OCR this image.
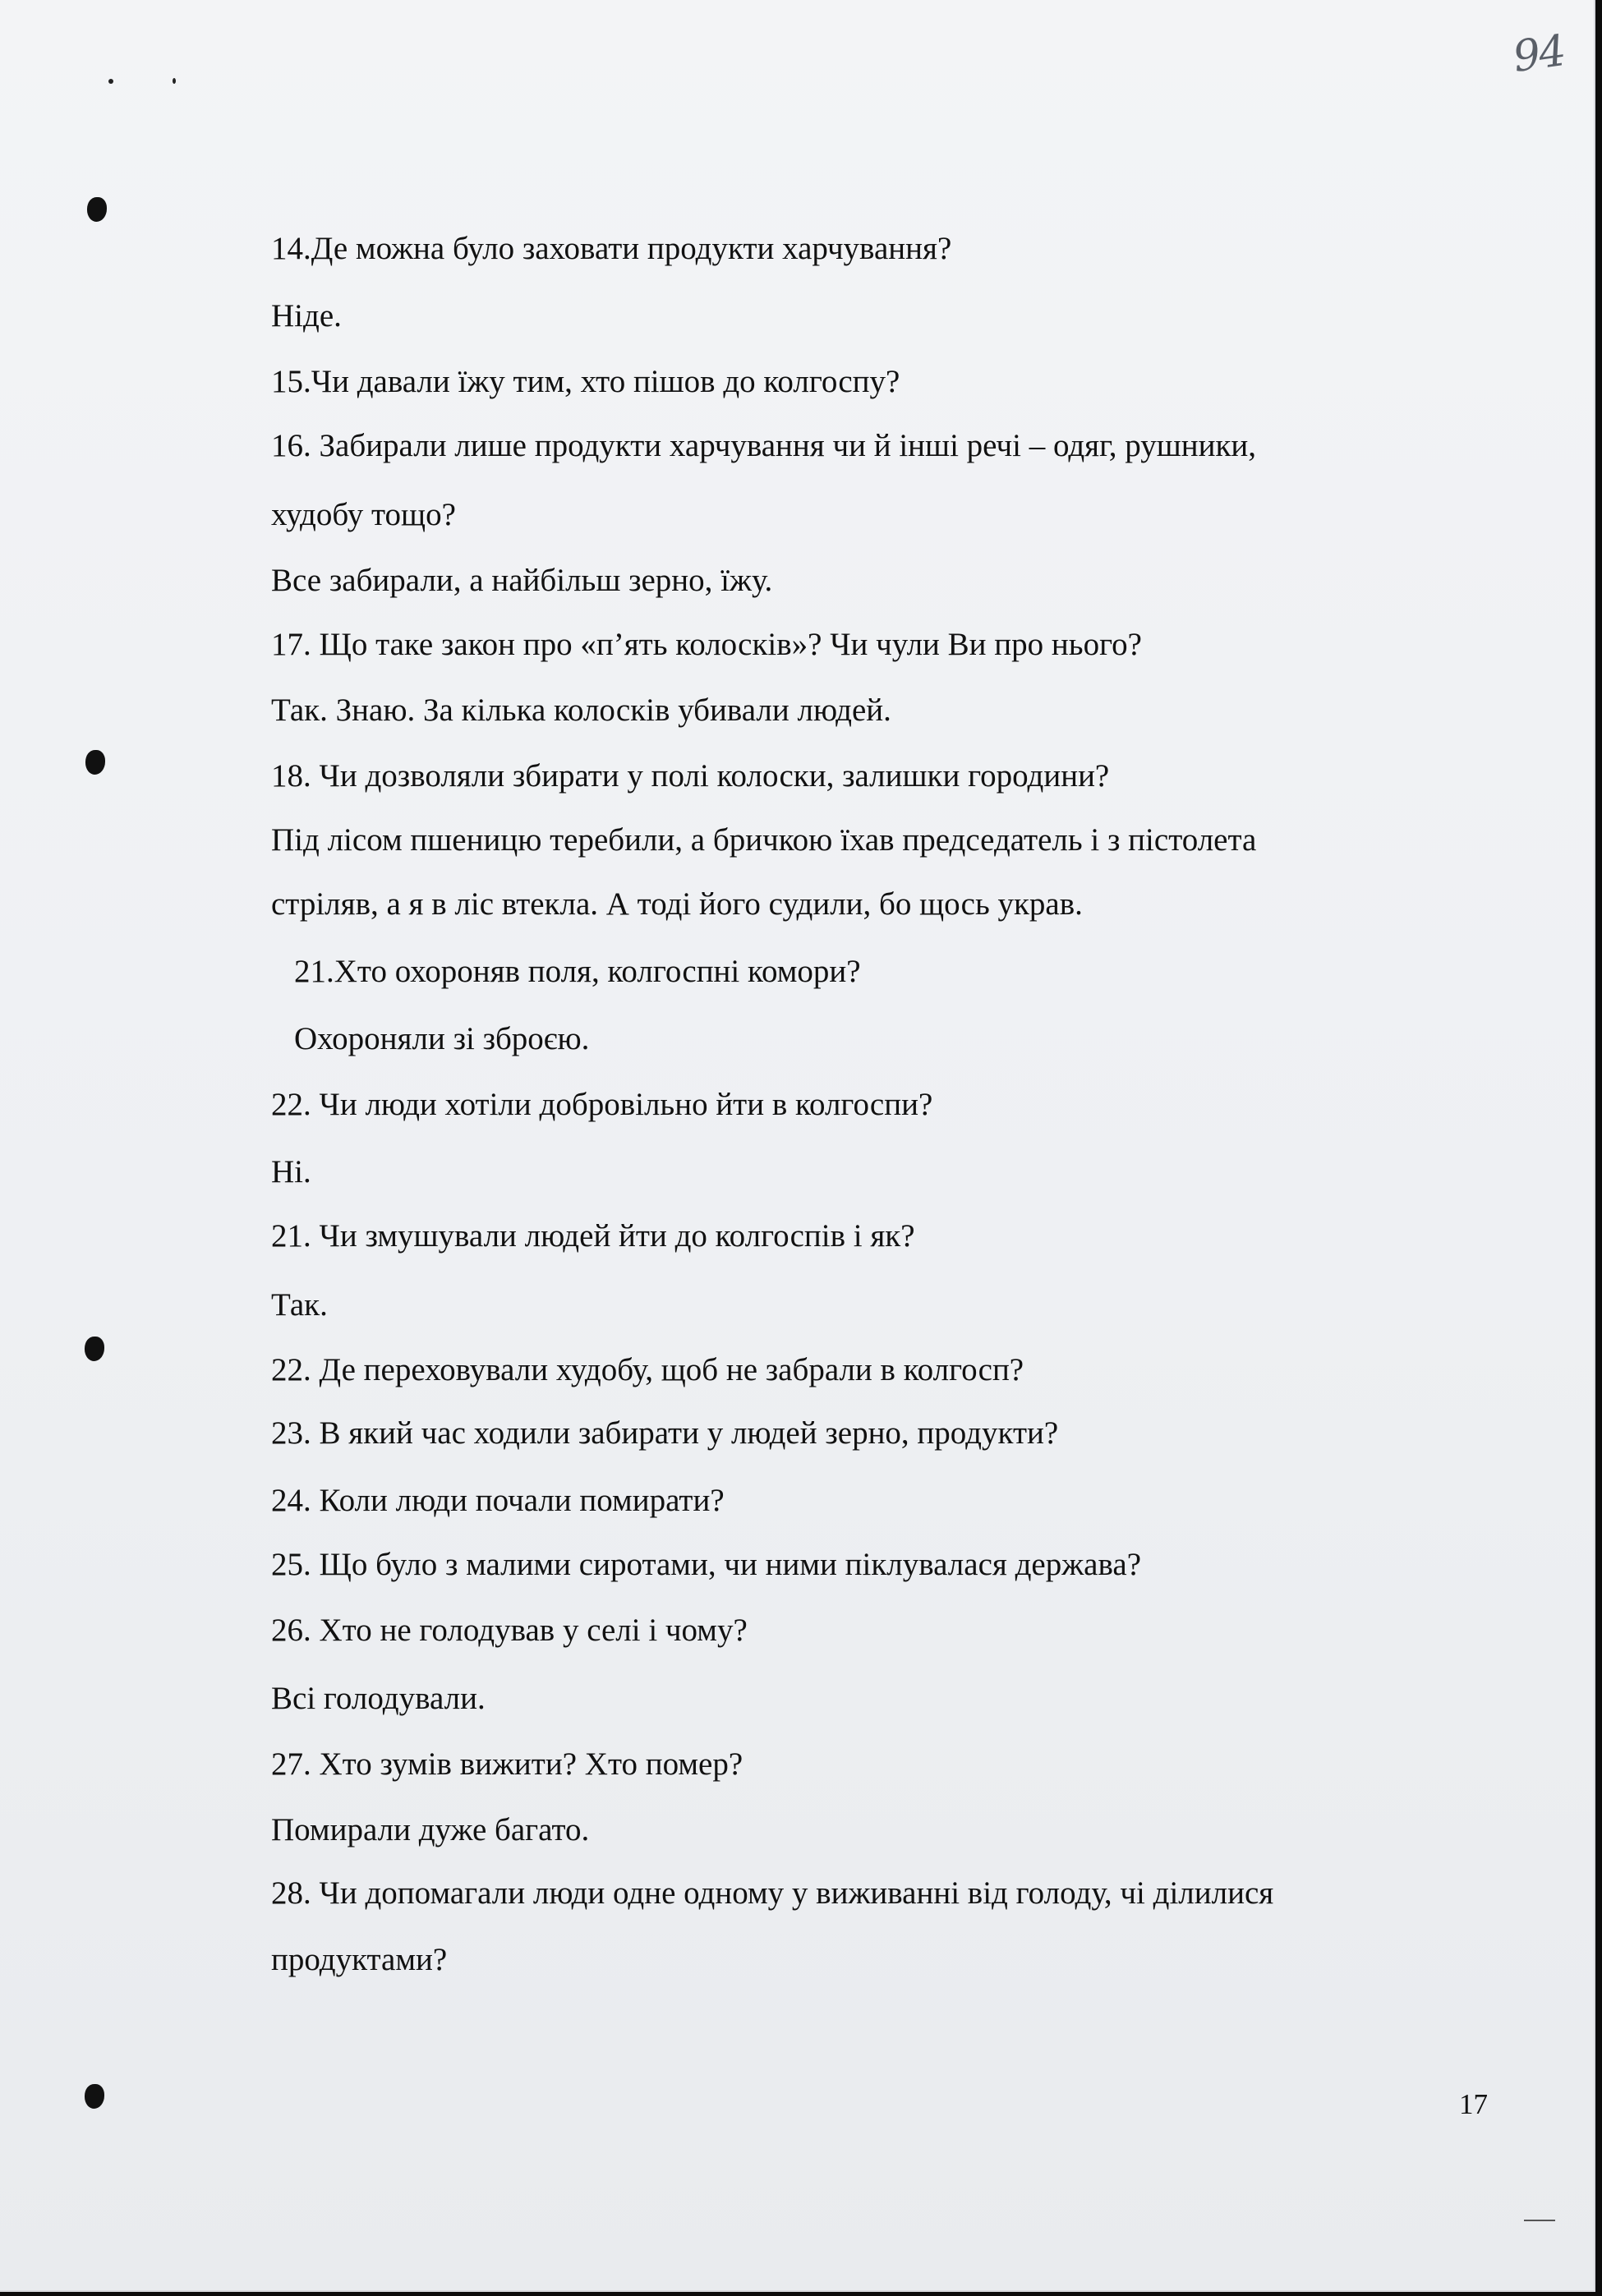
94

14.Де можна було заховати продукти харчування?

Ніде.

15.Чи давали їжу тим, хто пішов до колгоспу?

16. Забирали лише продукти харчування чи й інші речі – одяг, рушники,

худобу тощо?

Все забирали, а найбільш зерно, їжу.

17. Що таке закон про «п’ять колосків»? Чи чули Ви про нього?

Так. Знаю. За кілька колосків убивали людей.

18. Чи дозволяли збирати у полі колоски, залишки городини?

Під лісом пшеницю теребили, а бричкою їхав председатель і з пістолета

стріляв, а я в ліс втекла. А тоді його судили, бо щось украв.

21.Хто охороняв поля, колгоспні комори?

Охороняли зі зброєю.

22. Чи люди хотіли добровільно йти в колгоспи?

Ні.

21. Чи змушували людей йти до колгоспів і як?

Так.

22. Де переховували худобу, щоб не забрали в колгосп?

23. В який час ходили забирати у людей зерно, продукти?

24. Коли люди почали помирати?

25. Що було з малими сиротами, чи ними піклувалася держава?

26. Хто не голодував у селі і чому?

Всі голодували.

27. Хто зумів вижити? Хто помер?

Помирали дуже багато.

28. Чи допомагали люди одне одному у виживанні від голоду, чі ділилися

продуктами?

17
